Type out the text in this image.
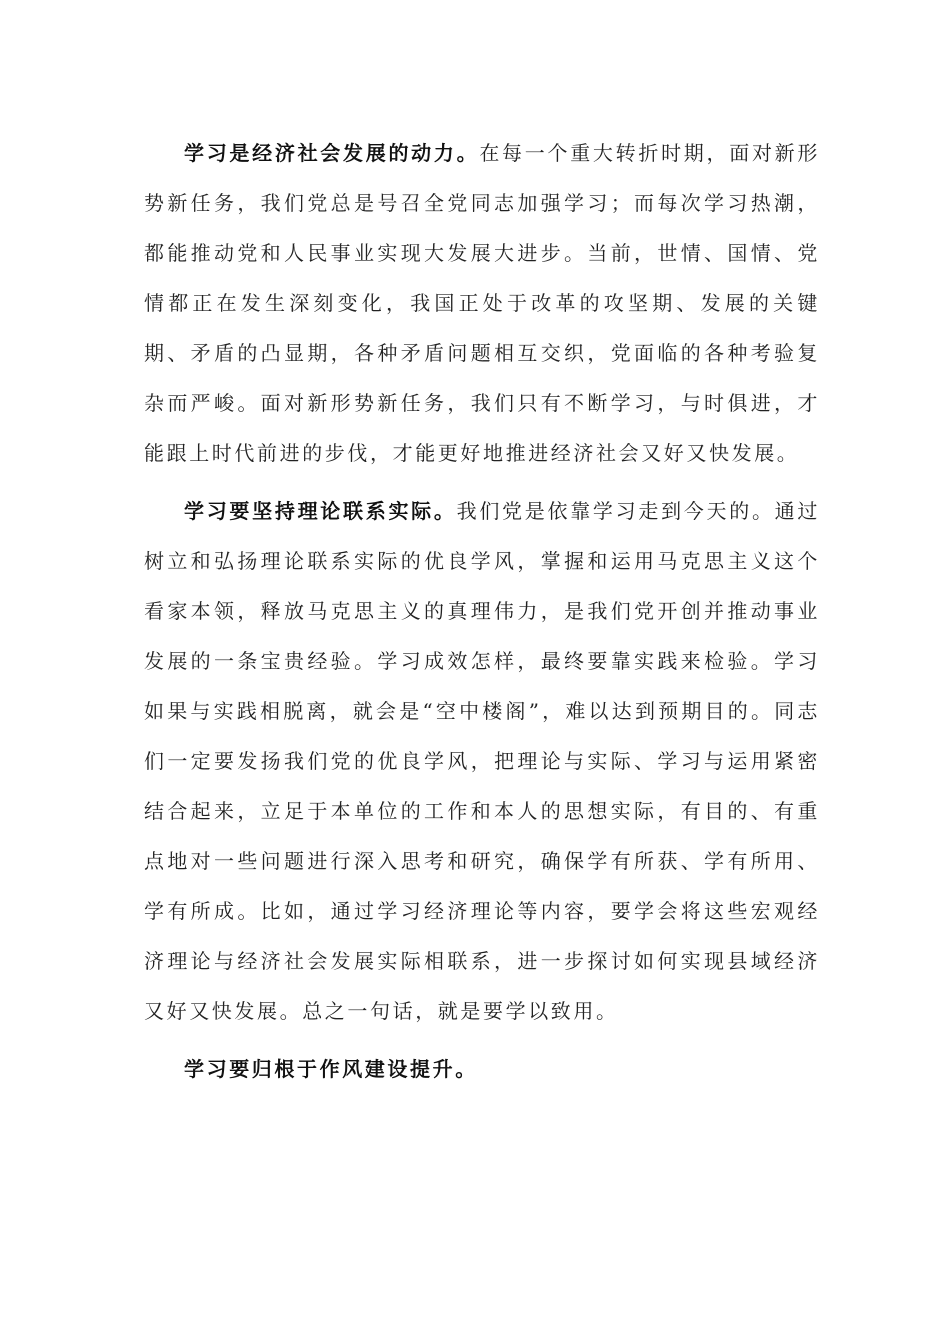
学习是经济社会发展的动力。在每一个重大转折时期，面对新形势新任务，我们党总是号召全党同志加强学习；而每次学习热潮，都能推动党和人民事业实现大发展大进步。当前，世情、国情、党情都正在发生深刻变化，我国正处于改革的攻坚期、发展的关键期、矛盾的凸显期，各种矛盾问题相互交织，党面临的各种考验复杂而严峻。面对新形势新任务，我们只有不断学习，与时俱进，才能跟上时代前进的步伐，才能更好地推进经济社会又好又快发展。

学习要坚持理论联系实际。我们党是依靠学习走到今天的。通过树立和弘扬理论联系实际的优良学风，掌握和运用马克思主义这个看家本领，释放马克思主义的真理伟力，是我们党开创并推动事业发展的一条宝贵经验。学习成效怎样，最终要靠实践来检验。学习如果与实践相脱离，就会是“空中楼阁”，难以达到预期目的。同志们一定要发扬我们党的优良学风，把理论与实际、学习与运用紧密结合起来，立足于本单位的工作和本人的思想实际，有目的、有重点地对一些问题进行深入思考和研究，确保学有所获、学有所用、学有所成。比如，通过学习经济理论等内容，要学会将这些宏观经济理论与经济社会发展实际相联系，进一步探讨如何实现县域经济又好又快发展。总之一句话，就是要学以致用。

学习要归根于作风建设提升。
